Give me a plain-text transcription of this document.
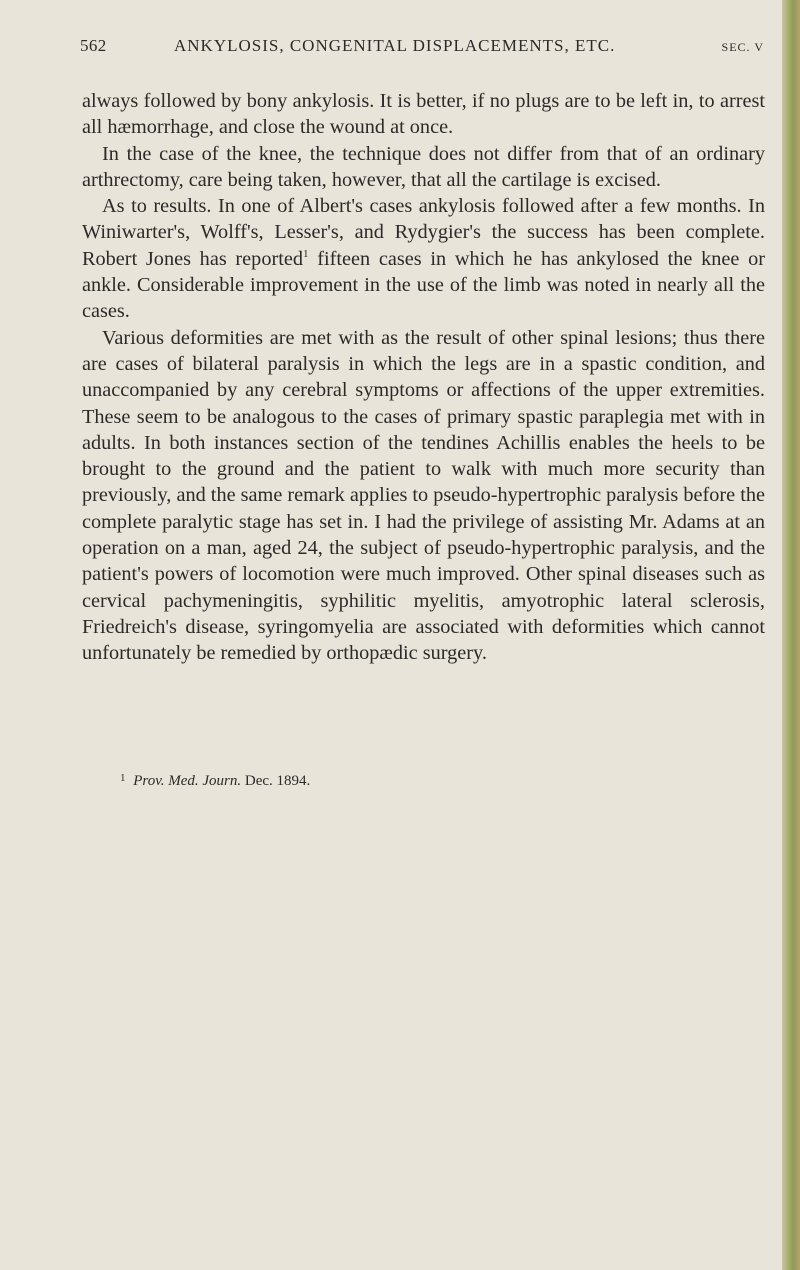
562	ANKYLOSIS, CONGENITAL DISPLACEMENTS, ETC.	SEC. V

always followed by bony ankylosis. It is better, if no plugs are to be left in, to arrest all hæmorrhage, and close the wound at once.

In the case of the knee, the technique does not differ from that of an ordinary arthrectomy, care being taken, however, that all the cartilage is excised.

As to results. In one of Albert's cases ankylosis followed after a few months. In Winiwarter's, Wolff's, Lesser's, and Rydygier's the success has been complete. Robert Jones has reported$^1$ fifteen cases in which he has ankylosed the knee or ankle. Considerable improvement in the use of the limb was noted in nearly all the cases.

Various deformities are met with as the result of other spinal lesions; thus there are cases of bilateral paralysis in which the legs are in a spastic condition, and unaccompanied by any cerebral symptoms or affections of the upper extremities. These seem to be analogous to the cases of primary spastic paraplegia met with in adults. In both instances section of the tendines Achillis enables the heels to be brought to the ground and the patient to walk with much more security than previously, and the same remark applies to pseudo-hypertrophic paralysis before the complete paralytic stage has set in. I had the privilege of assisting Mr. Adams at an operation on a man, aged 24, the subject of pseudo-hypertrophic paralysis, and the patient's powers of locomotion were much improved. Other spinal diseases such as cervical pachymeningitis, syphilitic myelitis, amyotrophic lateral sclerosis, Friedreich's disease, syringomyelia are associated with deformities which cannot unfortunately be remedied by orthopædic surgery.

$^1$ Prov. Med. Journ. Dec. 1894.
